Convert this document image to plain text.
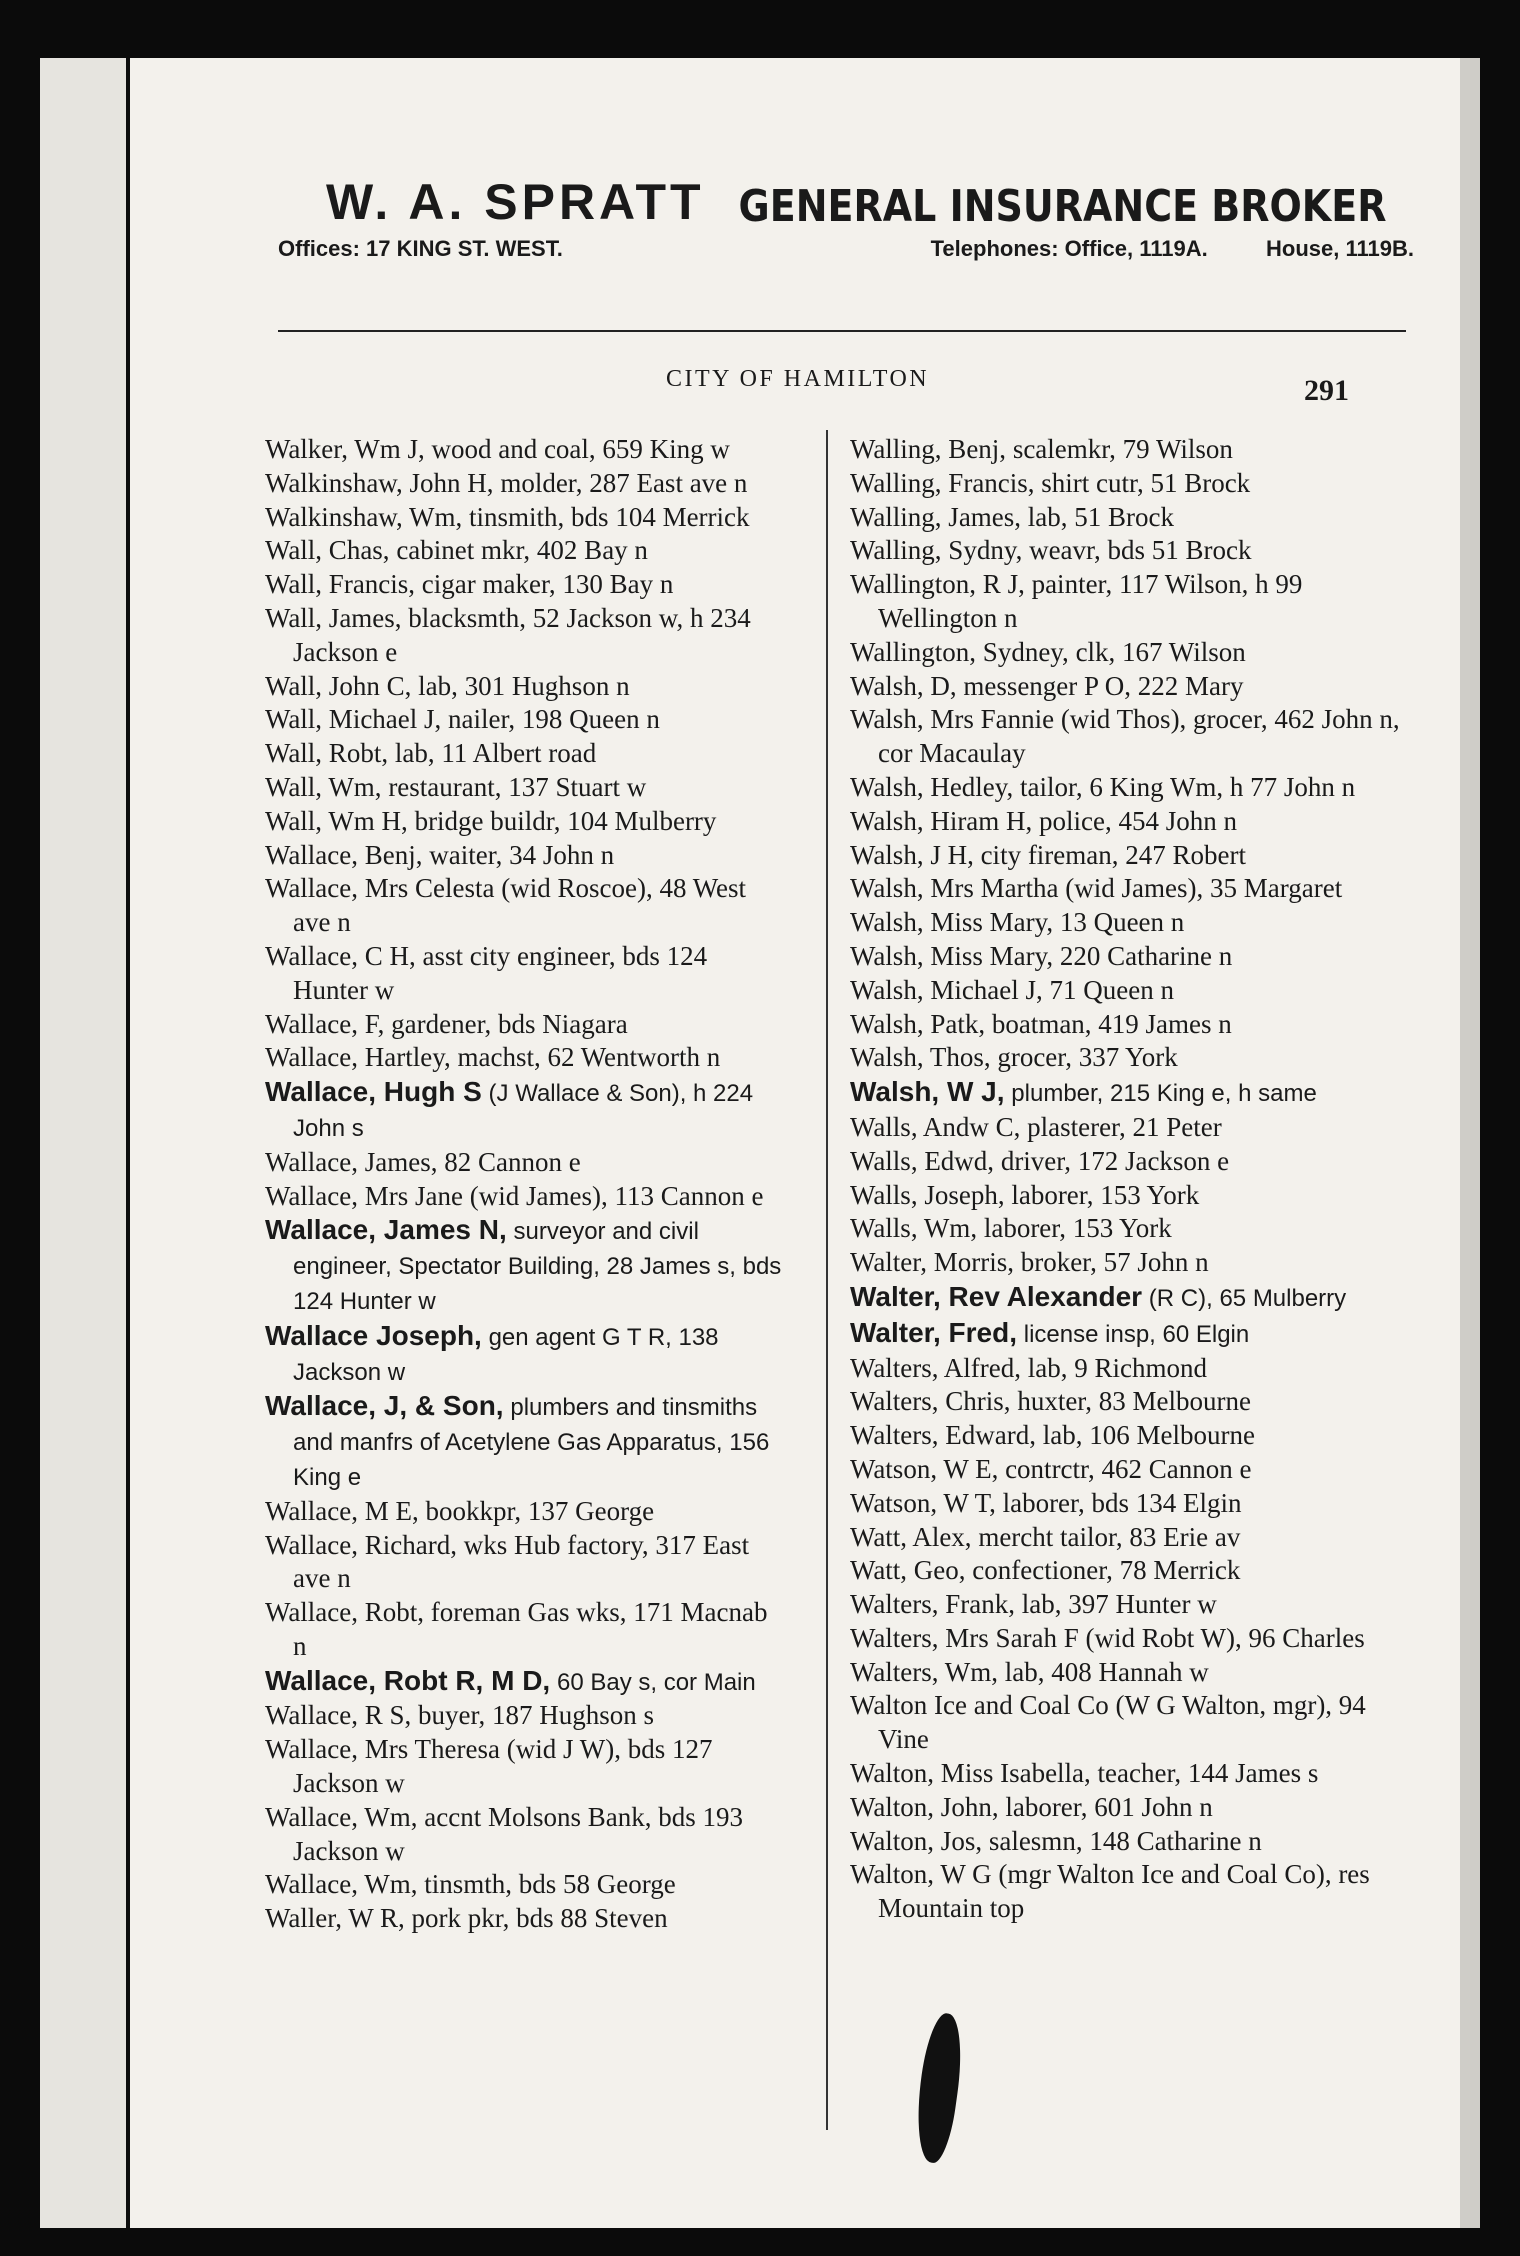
W. A. SPRATT GENERAL INSURANCE BROKER
Offices: 17 KING ST. WEST.	Telephones: Office, 1119A.	House, 1119B.
CITY OF HAMILTON	291
Walker, Wm J, wood and coal, 659 King w
Walkinshaw, John H, molder, 287 East ave n
Walkinshaw, Wm, tinsmith, bds 104 Merrick
Wall, Chas, cabinet mkr, 402 Bay n
Wall, Francis, cigar maker, 130 Bay n
Wall, James, blacksmth, 52 Jackson w, h 234 Jackson e
Wall, John C, lab, 301 Hughson n
Wall, Michael J, nailer, 198 Queen n
Wall, Robt, lab, 11 Albert road
Wall, Wm, restaurant, 137 Stuart w
Wall, Wm H, bridge buildr, 104 Mulberry
Wallace, Benj, waiter, 34 John n
Wallace, Mrs Celesta (wid Roscoe), 48 West ave n
Wallace, C H, asst city engineer, bds 124 Hunter w
Wallace, F, gardener, bds Niagara
Wallace, Hartley, machst, 62 Wentworth n
Wallace, Hugh S (J Wallace & Son), h 224 John s
Wallace, James, 82 Cannon e
Wallace, Mrs Jane (wid James), 113 Cannon e
Wallace, James N, surveyor and civil engineer, Spectator Building, 28 James s, bds 124 Hunter w
Wallace Joseph, gen agent G T R, 138 Jackson w
Wallace, J, & Son, plumbers and tinsmiths and manfrs of Acetylene Gas Apparatus, 156 King e
Wallace, M E, bookkpr, 137 George
Wallace, Richard, wks Hub factory, 317 East ave n
Wallace, Robt, foreman Gas wks, 171 Macnab n
Wallace, Robt R, M D, 60 Bay s, cor Main
Wallace, R S, buyer, 187 Hughson s
Wallace, Mrs Theresa (wid J W), bds 127 Jackson w
Wallace, Wm, accnt Molsons Bank, bds 193 Jackson w
Wallace, Wm, tinsmth, bds 58 George
Waller, W R, pork pkr, bds 88 Steven
Walling, Benj, scalemkr, 79 Wilson
Walling, Francis, shirt cutr, 51 Brock
Walling, James, lab, 51 Brock
Walling, Sydny, weavr, bds 51 Brock
Wallington, R J, painter, 117 Wilson, h 99 Wellington n
Wallington, Sydney, clk, 167 Wilson
Walsh, D, messenger P O, 222 Mary
Walsh, Mrs Fannie (wid Thos), grocer, 462 John n, cor Macaulay
Walsh, Hedley, tailor, 6 King Wm, h 77 John n
Walsh, Hiram H, police, 454 John n
Walsh, J H, city fireman, 247 Robert
Walsh, Mrs Martha (wid James), 35 Margaret
Walsh, Miss Mary, 13 Queen n
Walsh, Miss Mary, 220 Catharine n
Walsh, Michael J, 71 Queen n
Walsh, Patk, boatman, 419 James n
Walsh, Thos, grocer, 337 York
Walsh, W J, plumber, 215 King e, h same
Walls, Andw C, plasterer, 21 Peter
Walls, Edwd, driver, 172 Jackson e
Walls, Joseph, laborer, 153 York
Walls, Wm, laborer, 153 York
Walter, Morris, broker, 57 John n
Walter, Rev Alexander (R C), 65 Mulberry
Walter, Fred, license insp, 60 Elgin
Walters, Alfred, lab, 9 Richmond
Walters, Chris, huxter, 83 Melbourne
Walters, Edward, lab, 106 Melbourne
Watson, W E, contrctr, 462 Cannon e
Watson, W T, laborer, bds 134 Elgin
Watt, Alex, mercht tailor, 83 Erie av
Watt, Geo, confectioner, 78 Merrick
Walters, Frank, lab, 397 Hunter w
Walters, Mrs Sarah F (wid Robt W), 96 Charles
Walters, Wm, lab, 408 Hannah w
Walton Ice and Coal Co (W G Walton, mgr), 94 Vine
Walton, Miss Isabella, teacher, 144 James s
Walton, John, laborer, 601 John n
Walton, Jos, salesmn, 148 Catharine n
Walton, W G (mgr Walton Ice and Coal Co), res Mountain top
